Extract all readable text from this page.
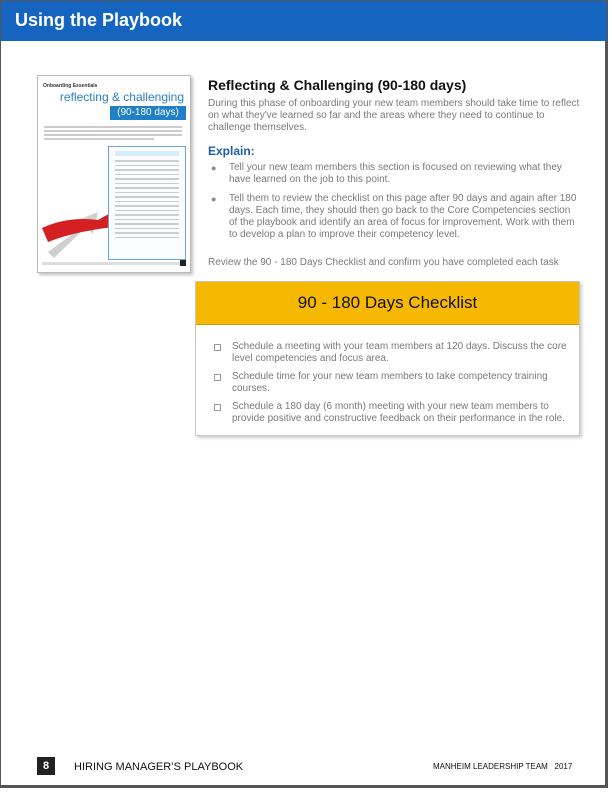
Using the Playbook
Onboarding Essentials
reflecting & challenging
(90-180 days)
Reflecting & Challenging (90-180 days)
During this phase of onboarding your new team members should take time to reflect on what they've learned so far and the areas where they need to continue to challenge themselves.
Explain:
● Tell your new team members this section is focused on reviewing what they have learned on the job to this point.
● Tell them to review the checklist on this page after 90 days and again after 180 days. Each time, they should then go back to the Core Competencies section of the playbook and identify an area of focus for improvement. Work with them to develop a plan to improve their competency level.
Review the 90 - 180 Days Checklist and confirm you have completed each task
90 - 180 Days Checklist
Schedule a meeting with your team members at 120 days. Discuss the core level competencies and focus area.
Schedule time for your new team members to take competency training courses.
Schedule a 180 day (6 month) meeting with your new team members to provide positive and constructive feedback on their performance in the role.
8	HIRING MANAGER’S PLAYBOOK	MANHEIM LEADERSHIP TEAM   2017
